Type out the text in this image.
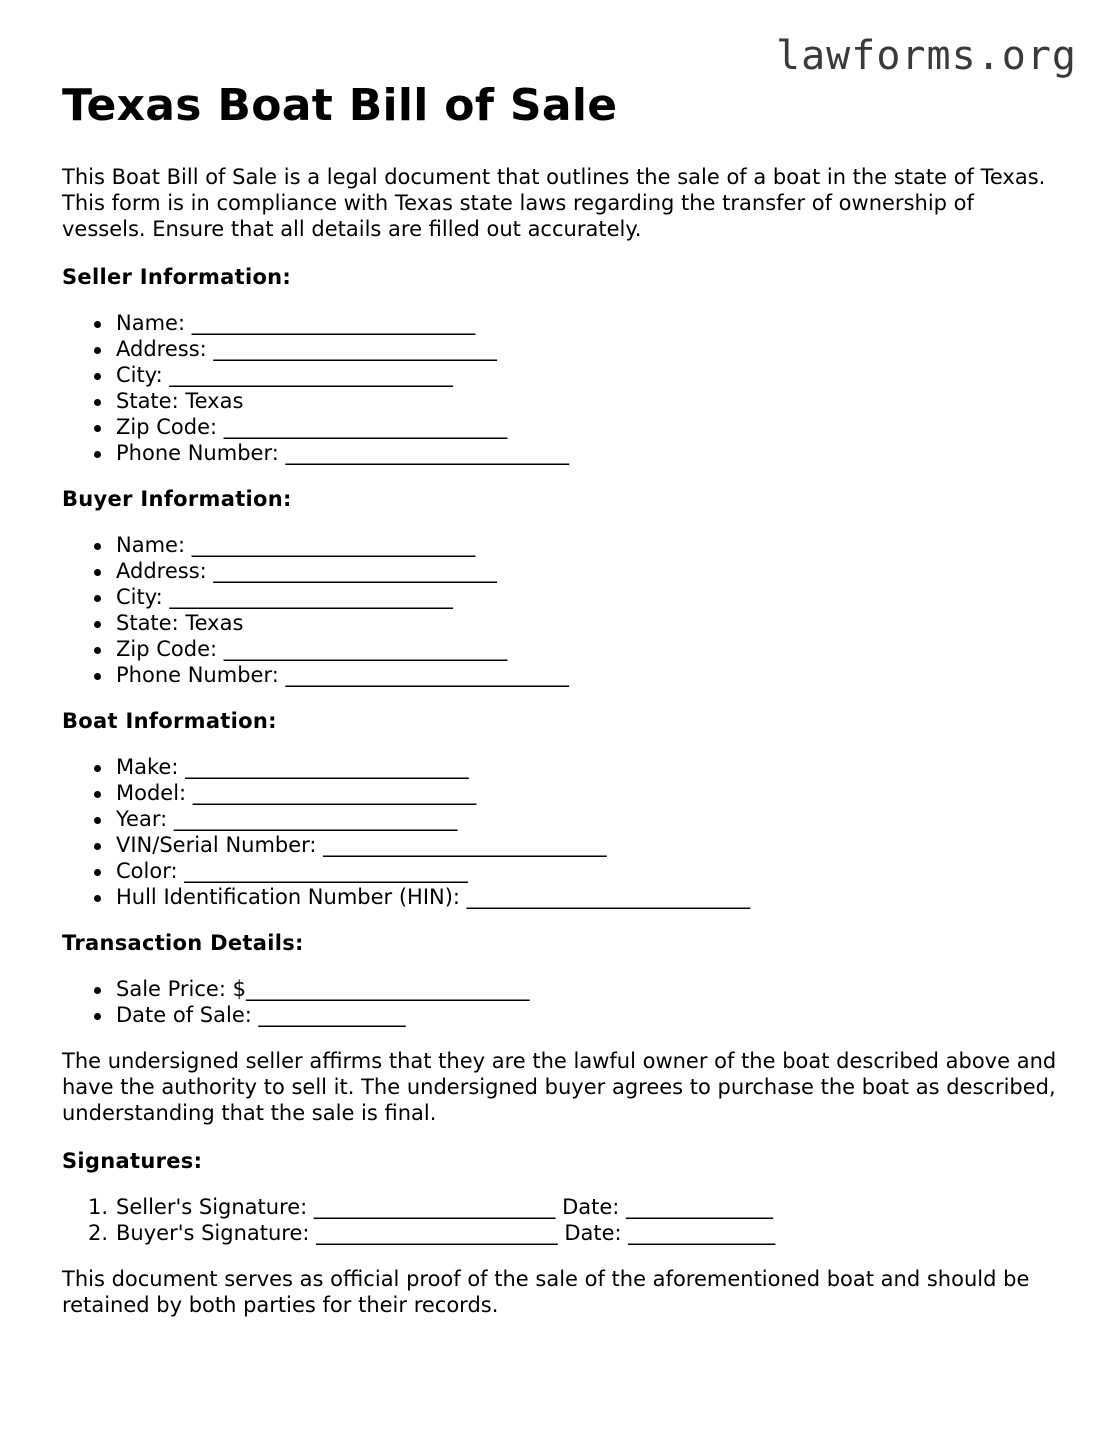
lawforms.org
Texas Boat Bill of Sale

This Boat Bill of Sale is a legal document that outlines the sale of a boat in the state of Texas. This form is in compliance with Texas state laws regarding the transfer of ownership of vessels. Ensure that all details are filled out accurately.

Seller Information:
Name: ___________________________
Address: ___________________________
City: ___________________________
State: Texas
Zip Code: ___________________________
Phone Number: ___________________________
Buyer Information:
Name: ___________________________
Address: ___________________________
City: ___________________________
State: Texas
Zip Code: ___________________________
Phone Number: ___________________________
Boat Information:
Make: ___________________________
Model: ___________________________
Year: ___________________________
VIN/Serial Number: ___________________________
Color: ___________________________
Hull Identification Number (HIN): ___________________________
Transaction Details:
Sale Price: $___________________________
Date of Sale: ______________

The undersigned seller affirms that they are the lawful owner of the boat described above and have the authority to sell it. The undersigned buyer agrees to purchase the boat as described, understanding that the sale is final.

Signatures:
1. Seller's Signature: _______________________ Date: ______________
2. Buyer's Signature: _______________________ Date: ______________

This document serves as official proof of the sale of the aforementioned boat and should be retained by both parties for their records.
